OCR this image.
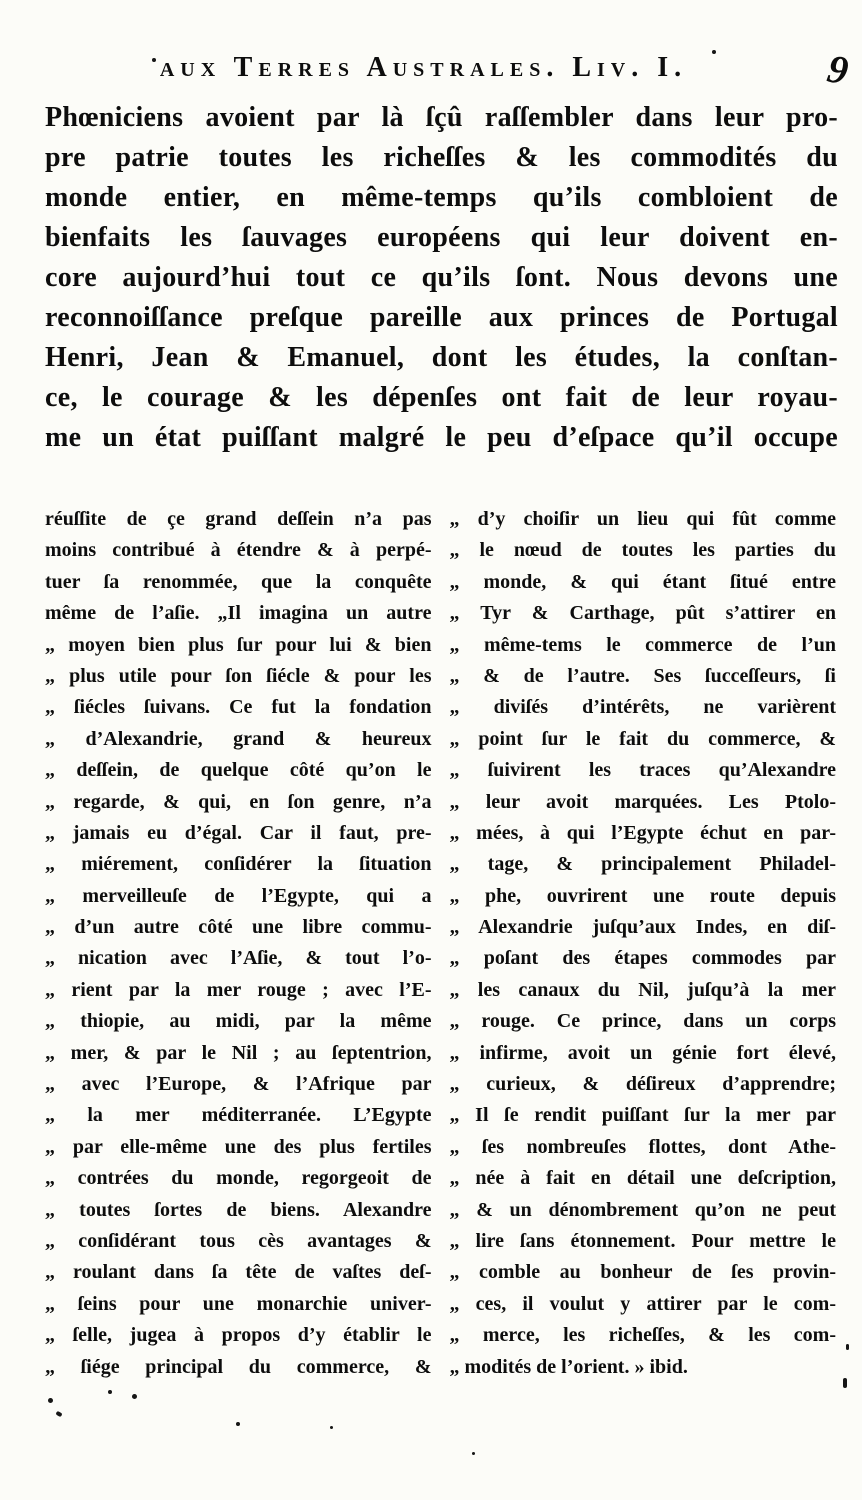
aux Terres Australes. Liv. I.	9
Phœniciens avoient par là ſçû raſſembler dans leur pro-
pre patrie toutes les richeſſes & les commodités du
monde entier, en même-temps qu’ils combloient de
bienfaits les ſauvages européens qui leur doivent en-
core aujourd’hui tout ce qu’ils ſont. Nous devons une
reconnoiſſance preſque pareille aux princes de Portugal
Henri, Jean & Emanuel, dont les études, la conſtan-
ce, le courage & les dépenſes ont fait de leur royau-
me un état puiſſant malgré le peu d’eſpace qu’il occupe
réuſſite de çe grand deſſein n’a pas
moins contribué à étendre & à perpé-
tuer ſa renommée, que la conquête
même de l’aſie. „Il imagina un autre
„ moyen bien plus ſur pour lui & bien
„ plus utile pour ſon ſiécle & pour les
„ ſiécles ſuivans. Ce fut la fondation
„ d’Alexandrie, grand & heureux
„ deſſein, de quelque côté qu’on le
„ regarde, & qui, en ſon genre, n’a
„ jamais eu d’égal. Car il faut, pre-
„ miérement, conſidérer la ſituation
„ merveilleuſe de l’Egypte, qui a
„ d’un autre côté une libre commu-
„ nication avec l’Aſie, & tout l’o-
„ rient par la mer rouge ; avec l’E-
„ thiopie, au midi, par la même
„ mer, & par le Nil ; au ſeptentrion,
„ avec l’Europe, & l’Afrique par
„ la mer méditerranée. L’Egypte
„ par elle-même une des plus fertiles
„ contrées du monde, regorgeoit de
„ toutes ſortes de biens. Alexandre
„ conſidérant tous cès avantages &
„ roulant dans ſa tête de vaſtes deſ-
„ ſeins pour une monarchie univer-
„ ſelle, jugea à propos d’y établir le
„ ſiége principal du commerce, &
„ d’y choiſir un lieu qui fût comme
„ le nœud de toutes les parties du
„ monde, & qui étant ſitué entre
„ Tyr & Carthage, pût s’attirer en
„ même-tems le commerce de l’un
„ & de l’autre. Ses ſucceſſeurs, ſi
„ diviſés d’intérêts, ne varièrent
„ point ſur le fait du commerce, &
„ ſuivirent les traces qu’Alexandre
„ leur avoit marquées. Les Ptolo-
„ mées, à qui l’Egypte échut en par-
„ tage, & principalement Philadel-
„ phe, ouvrirent une route depuis
„ Alexandrie juſqu’aux Indes, en diſ-
„ poſant des étapes commodes par
„ les canaux du Nil, juſqu’à la mer
„ rouge. Ce prince, dans un corps
„ infirme, avoit un génie fort élevé,
„ curieux, & déſireux d’apprendre;
„ Il ſe rendit puiſſant ſur la mer par
„ ſes nombreuſes flottes, dont Athe-
„ née à fait en détail une deſcription,
„ & un dénombrement qu’on ne peut
„ lire ſans étonnement. Pour mettre le
„ comble au bonheur de ſes provin-
„ ces, il voulut y attirer par le com-
„ merce, les richeſſes, & les com-
„ modités de l’orient. » ibid.
